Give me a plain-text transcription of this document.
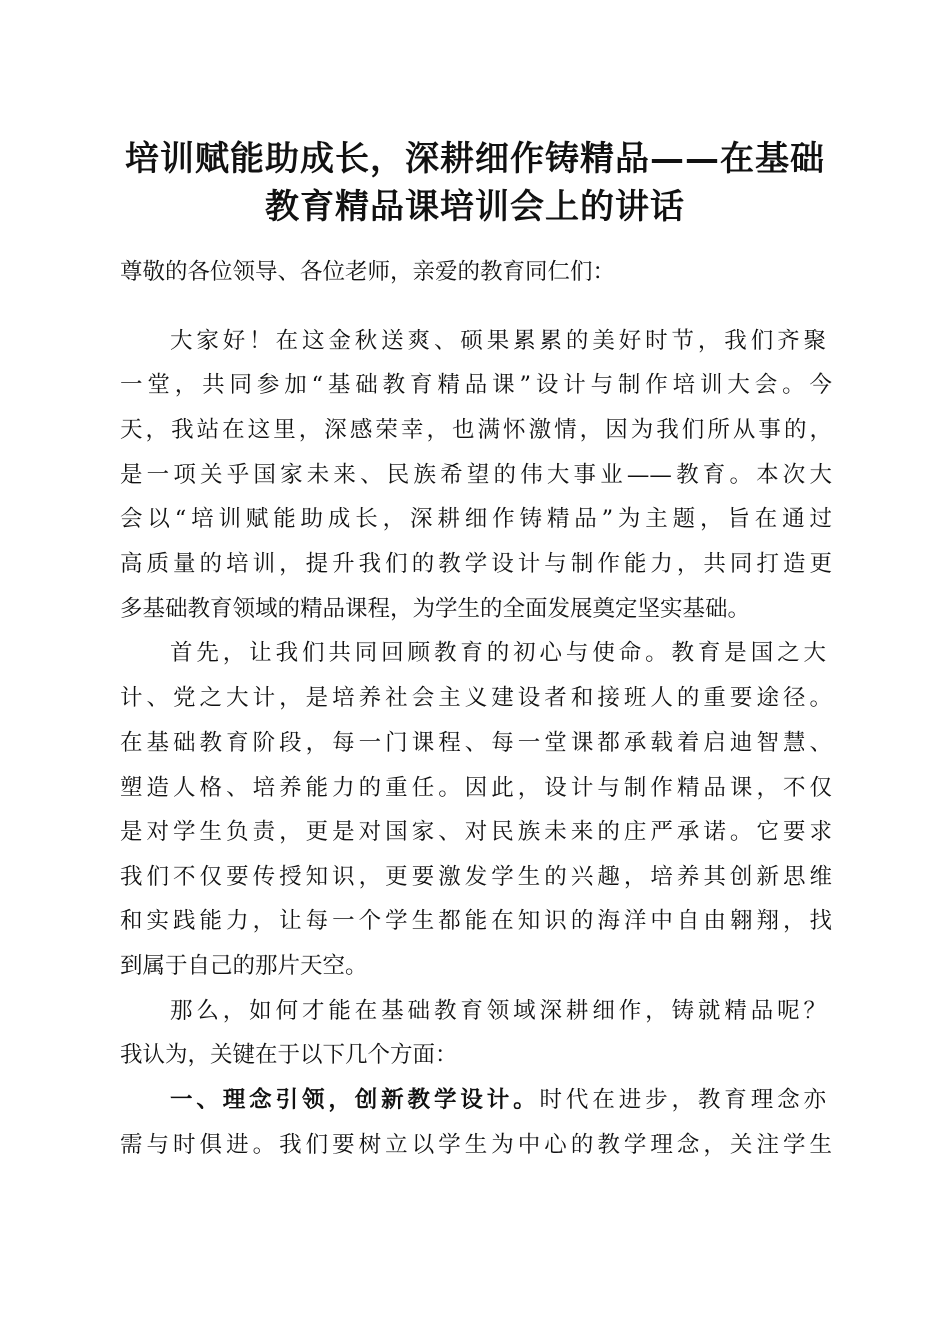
培训赋能助成长，深耕细作铸精品——在基础
教育精品课培训会上的讲话
尊敬的各位领导、各位老师，亲爱的教育同仁们：
大家好！在这金秋送爽、硕果累累的美好时节，我们齐聚
一堂，共同参加“基础教育精品课”设计与制作培训大会。今
天，我站在这里，深感荣幸，也满怀激情，因为我们所从事的，
是一项关乎国家未来、民族希望的伟大事业——教育。本次大
会以“培训赋能助成长，深耕细作铸精品”为主题，旨在通过
高质量的培训，提升我们的教学设计与制作能力，共同打造更
多基础教育领域的精品课程，为学生的全面发展奠定坚实基础。
首先，让我们共同回顾教育的初心与使命。教育是国之大
计、党之大计，是培养社会主义建设者和接班人的重要途径。
在基础教育阶段，每一门课程、每一堂课都承载着启迪智慧、
塑造人格、培养能力的重任。因此，设计与制作精品课，不仅
是对学生负责，更是对国家、对民族未来的庄严承诺。它要求
我们不仅要传授知识，更要激发学生的兴趣，培养其创新思维
和实践能力，让每一个学生都能在知识的海洋中自由翱翔，找
到属于自己的那片天空。
那么，如何才能在基础教育领域深耕细作，铸就精品呢？
我认为，关键在于以下几个方面：
一、理念引领，创新教学设计。时代在进步，教育理念亦
需与时俱进。我们要树立以学生为中心的教学理念，关注学生
